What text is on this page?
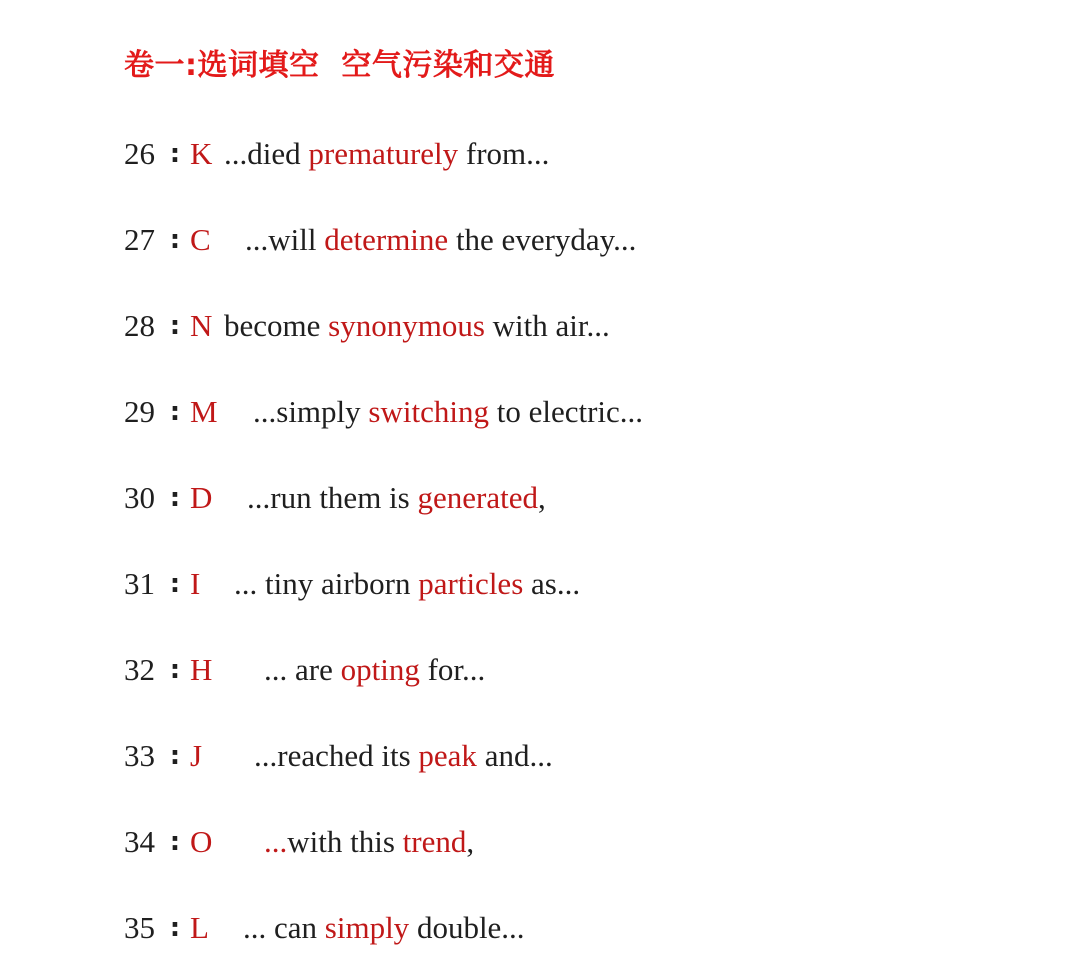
卷一:选词填空  空气污染和交通
26 : K ...died prematurely from...
27 : C ...will determine the everyday...
28 : N become synonymous with air...
29 : M ...simply switching to electric...
30 : D ...run them is generated,
31 : I ... tiny airborn particles as...
32 : H ... are opting for...
33 : J ...reached its peak and...
34 : O ...with this trend,
35 : L ... can simply double...
